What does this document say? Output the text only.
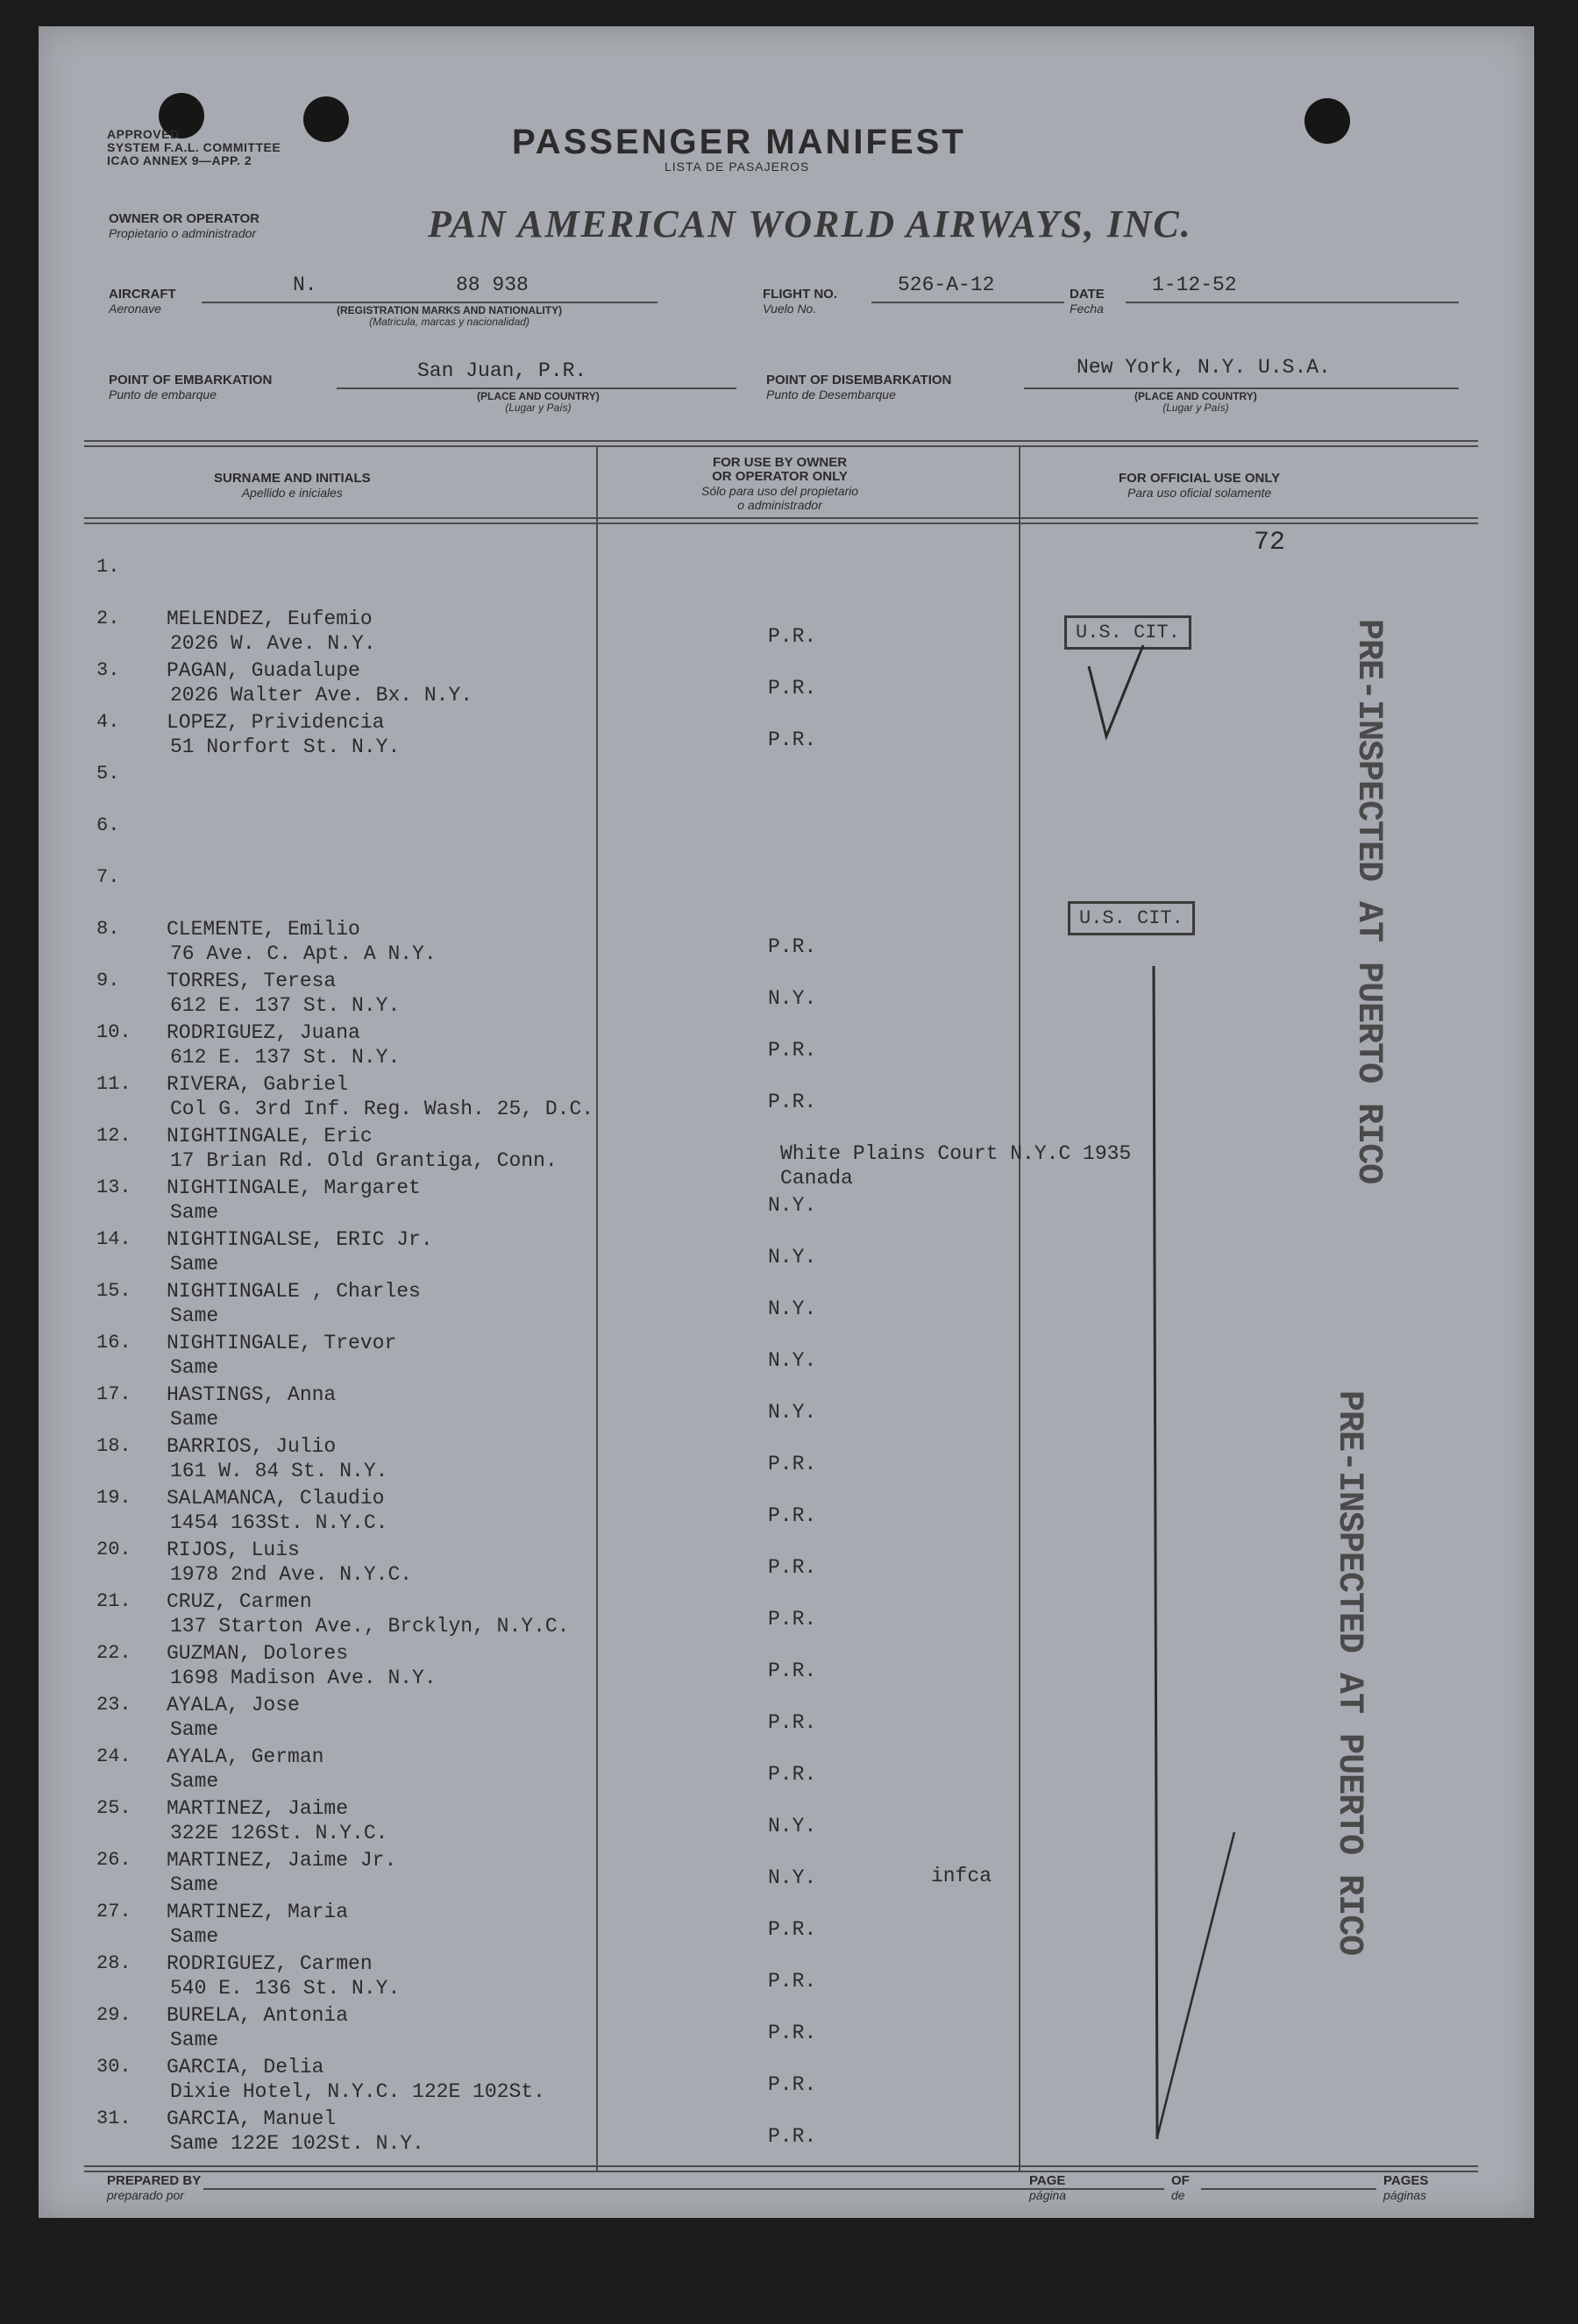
APPROVED
SYSTEM F.A.L. COMMITTEE
ICAO ANNEX 9—APP. 2	PASSENGER MANIFEST
LISTA DE PASAJEROS
OWNER OR OPERATOR
Propietario o administrador	PAN AMERICAN WORLD AIRWAYS, INC.
AIRCRAFT
Aeronave
N.	88 938
(REGISTRATION MARKS AND NATIONALITY)
(Matricula, marcas y nacionalidad)
FLIGHT NO.
Vuelo No.
526-A-12	DATE
Fecha
1-12-52
POINT OF EMBARKATION
Punto de embarque
San Juan, P.R.
(PLACE AND COUNTRY)
(Lugar y País)
POINT OF DISEMBARKATION
Punto de Desembarque
New York, N.Y. U.S.A.
(PLACE AND COUNTRY)
(Lugar y País)
SURNAME AND INITIALS
Apellido e iniciales
FOR USE BY OWNER
OR OPERATOR ONLY
Sólo para uso del propietario
o administrador
FOR OFFICIAL USE ONLY
Para uso oficial solamente
72
1.
2. MELENDEZ, Eufemio
2026 W. Ave. N.Y.	P.R.
3. PAGAN, Guadalupe
2026 Walter Ave. Bx. N.Y.	P.R.
4. LOPEZ, Prividencia
51 Norfort St. N.Y.	P.R.
5.
6.
7.
8. CLEMENTE, Emilio
76 Ave. C. Apt. A N.Y.	P.R.
9. TORRES, Teresa
612 E. 137 St. N.Y.	N.Y.
10. RODRIGUEZ, Juana
612 E. 137 St. N.Y.	P.R.
11. RIVERA, Gabriel
Col G. 3rd Inf. Reg. Wash. 25, D.C.	P.R.
12. NIGHTINGALE, Eric
17 Brian Rd. Old Grantiga, Conn.	White Plains Court N.Y.C 1935
Canada
13. NIGHTINGALE, Margaret
Same	N.Y.
14. NIGHTINGALSE, ERIC Jr.
Same	N.Y.
15. NIGHTINGALE , Charles
Same	N.Y.
16. NIGHTINGALE, Trevor
Same	N.Y.
17. HASTINGS, Anna
Same	N.Y.
18. BARRIOS, Julio
161 W. 84 St. N.Y.	P.R.
19. SALAMANCA, Claudio
1454 163St. N.Y.C.	P.R.
20. RIJOS, Luis
1978 2nd Ave. N.Y.C.	P.R.
21. CRUZ, Carmen
137 Starton Ave., Brcklyn, N.Y.C.	P.R.
22. GUZMAN, Dolores
1698 Madison Ave. N.Y.	P.R.
23. AYALA, Jose
Same	P.R.
24. AYALA, German
Same	P.R.
25. MARTINEZ, Jaime
322E 126St. N.Y.C.	N.Y.
26. MARTINEZ, Jaime Jr.
Same	N.Y.	infca
27. MARTINEZ, Maria
Same	P.R.
28. RODRIGUEZ, Carmen
540 E. 136 St. N.Y.	P.R.
29. BURELA, Antonia
Same	P.R.
30. GARCIA, Delia
Dixie Hotel, N.Y.C. 122E 102St.	P.R.
31. GARCIA, Manuel
Same 122E 102St. N.Y.	P.R.
U.S. CIT.
U.S. CIT.	PRE-INSPECTED AT PUERTO RICO
PRE-INSPECTED AT PUERTO RICO
PREPARED BY
preparado por
PAGE
página
OF
de
PAGES
páginas
